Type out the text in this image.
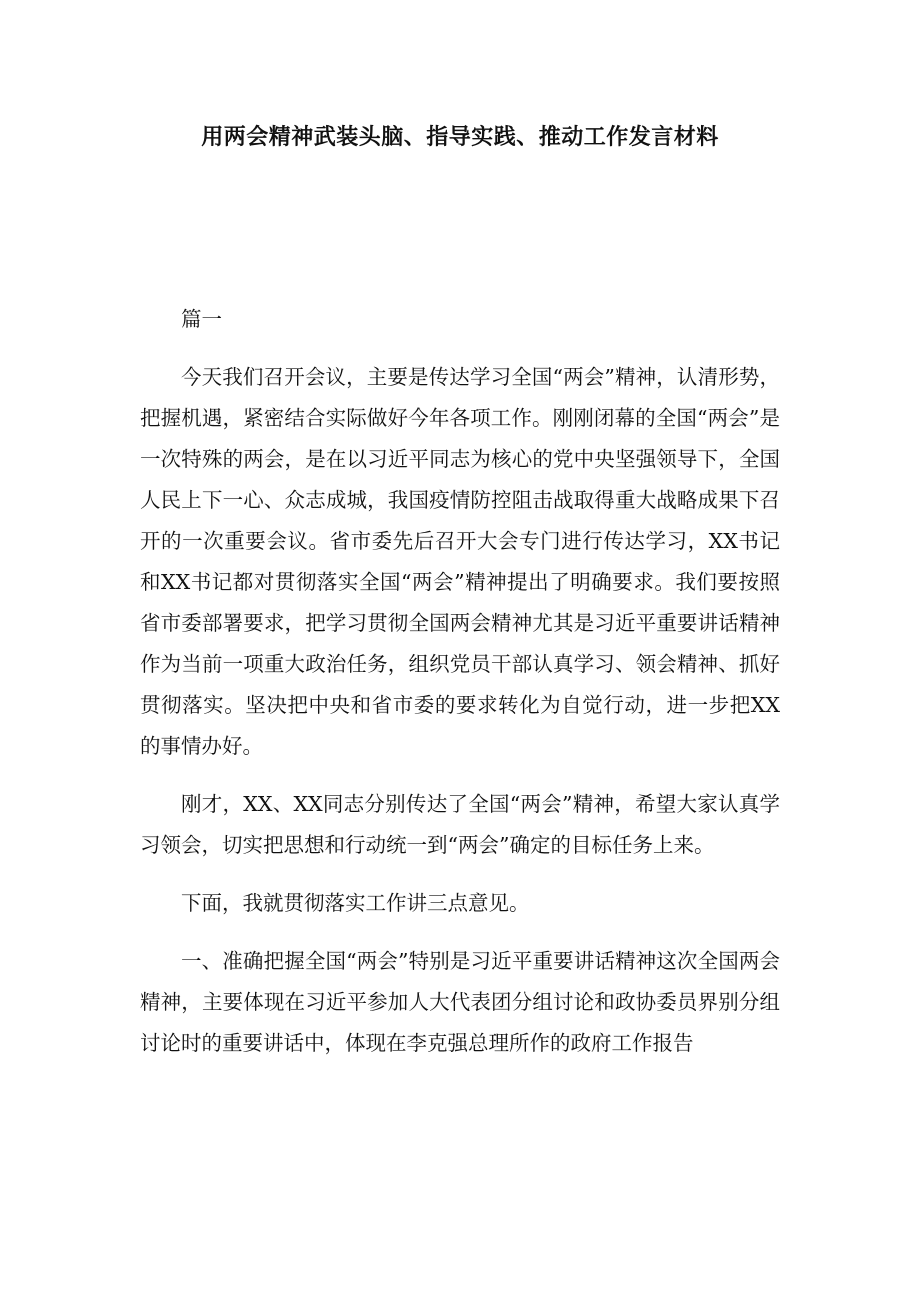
用两会精神武装头脑、指导实践、推动工作发言材料

篇一

今天我们召开会议，主要是传达学习全国“两会”精神，认清形势，把握机遇，紧密结合实际做好今年各项工作。刚刚闭幕的全国“两会”是一次特殊的两会，是在以习近平同志为核心的党中央坚强领导下，全国人民上下一心、众志成城，我国疫情防控阻击战取得重大战略成果下召开的一次重要会议。省市委先后召开大会专门进行传达学习，XX书记和XX书记都对贯彻落实全国“两会”精神提出了明确要求。我们要按照省市委部署要求，把学习贯彻全国两会精神尤其是习近平重要讲话精神作为当前一项重大政治任务，组织党员干部认真学习、领会精神、抓好贯彻落实。坚决把中央和省市委的要求转化为自觉行动，进一步把XX的事情办好。

刚才，XX、XX同志分别传达了全国“两会”精神，希望大家认真学习领会，切实把思想和行动统一到“两会”确定的目标任务上来。

下面，我就贯彻落实工作讲三点意见。

一、准确把握全国“两会”特别是习近平重要讲话精神这次全国两会精神，主要体现在习近平参加人大代表团分组讨论和政协委员界别分组讨论时的重要讲话中，体现在李克强总理所作的政府工作报告
